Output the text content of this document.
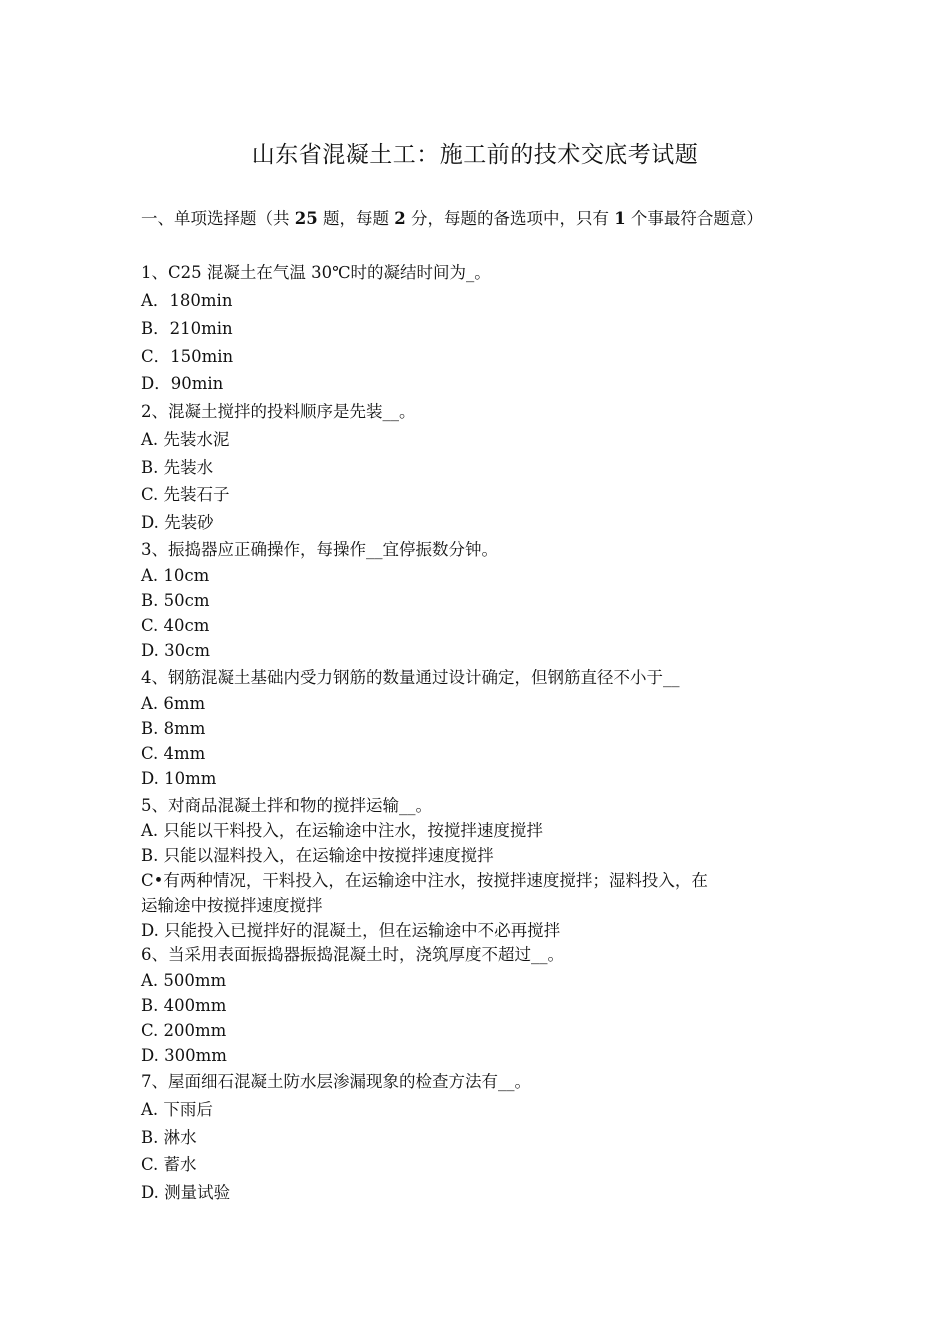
山东省混凝土工：施工前的技术交底考试题
一、单项选择题（共 25 题，每题 2 分，每题的备选项中，只有 1 个事最符合题意）
1、C25 混凝土在气温 30℃时的凝结时间为_。
A．180min
B．210min
C．150min
D．90min
2、混凝土搅拌的投料顺序是先装__。
A. 先装水泥
B. 先装水
C. 先装石子
D. 先装砂
3、振捣器应正确操作，每操作__宜停振数分钟。
A. 10cm
B. 50cm
C. 40cm
D. 30cm
4、钢筋混凝土基础内受力钢筋的数量通过设计确定，但钢筋直径不小于__
A. 6mm
B. 8mm
C. 4mm
D. 10mm
5、对商品混凝土拌和物的搅拌运输__。
A. 只能以干料投入，在运输途中注水，按搅拌速度搅拌
B. 只能以湿料投入，在运输途中按搅拌速度搅拌
C•有两种情况，干料投入，在运输途中注水，按搅拌速度搅拌；湿料投入，在
运输途中按搅拌速度搅拌
D. 只能投入已搅拌好的混凝土，但在运输途中不必再搅拌
6、当采用表面振捣器振捣混凝土时，浇筑厚度不超过__。
A. 500mm
B. 400mm
C. 200mm
D. 300mm
7、屋面细石混凝土防水层渗漏现象的检查方法有__。
A. 下雨后
B. 淋水
C. 蓄水
D. 测量试验
